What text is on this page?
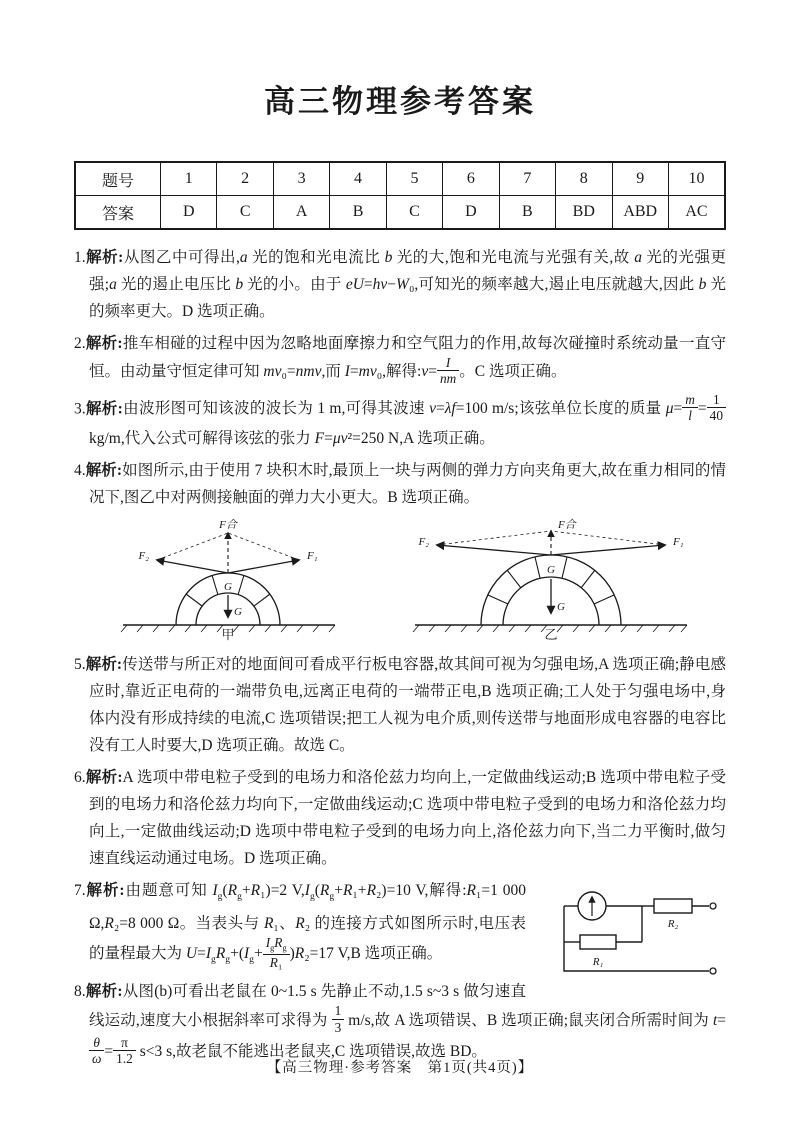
高三物理参考答案
题号	1	2	3	4	5	6	7	8	9	10
答案	D	C	A	B	C	D	B	BD	ABD	AC
1.解析:从图乙中可得出,a 光的饱和光电流比 b 光的大,饱和光电流与光强有关,故 a 光的光强更强;a 光的遏止电压比 b 光的小。由于 eU=hν−W₀,可知光的频率越大,遏止电压就越大,因此 b 光的频率更大。D 选项正确。
2.解析:推车相碰的过程中因为忽略地面摩擦力和空气阻力的作用,故每次碰撞时系统动量一直守恒。由动量守恒定律可知 mv₀=nmv,而 I=mv₀,解得:v= $\frac{I}{nm}$ 。C 选项正确。
3.解析:由波形图可知该波的波长为 1 m,可得其波速 v=λf=100 m/s;该弦单位长度的质量 $\mu= \frac{m}{l} = \frac{1}{40}$
kg/m,代入公式可解得该弦的张力 F=μv²=250 N,A 选项正确。
4.解析:如图所示,由于使用 7 块积木时,最顶上一块与两侧的弹力方向夹角更大,故在重力相同的情况下,图乙中对两侧接触面的弹力大小更大。B 选项正确。
F合
F₂	F₁
G
G
甲
F合
F₂	F₁
G
G
乙
5.解析:传送带与所正对的地面间可看成平行板电容器,故其间可视为匀强电场,A 选项正确;静电感应时,靠近正电荷的一端带负电,远离正电荷的一端带正电,B 选项正确;工人处于匀强电场中,身体内没有形成持续的电流,C 选项错误;把工人视为电介质,则传送带与地面形成电容器的电容比没有工人时要大,D 选项正确。故选 C。
6.解析:A 选项中带电粒子受到的电场力和洛伦兹力均向上,一定做曲线运动;B 选项中带电粒子受到的电场力和洛伦兹力均向下,一定做曲线运动;C 选项中带电粒子受到的电场力和洛伦兹力均向上,一定做曲线运动;D 选项中带电粒子受到的电场力向上,洛伦兹力向下,当二力平衡时,做匀速直线运动通过电场。D 选项正确。
R₂
R₁
7.解析:由题意可知 $I_g(R_g+R_1)=2$ $V,I_g(R_g+R_1+R_2)=10$ V,解得:R₁=1 000 Ω,R₂=8 000 Ω。当表头与 R₁、R₂ 的连接方式如图所示时,电压表的量程最大为 $U=I_gR_g+(I_g+ \frac{I_gR_g}{\text{R₁}} )R_2=17$ V,B 选项正确。
8.解析:从图(b)可看出老鼠在 0~1.5 s 先静止不动,1.5 s~3 s 做匀速直线运动,速度大小根据斜率可求得为 $\frac{1}{3} m/s$,故 A 选项错误、B 选项正确;鼠夹闭合所需时间为 t=
$\frac{\theta}{\omega} = \frac{\pi}{1.2} s<3$ s,故老鼠不能逃出老鼠夹,C 选项错误,故选 BD。
【高三物理·参考答案　第1页(共4页)】
